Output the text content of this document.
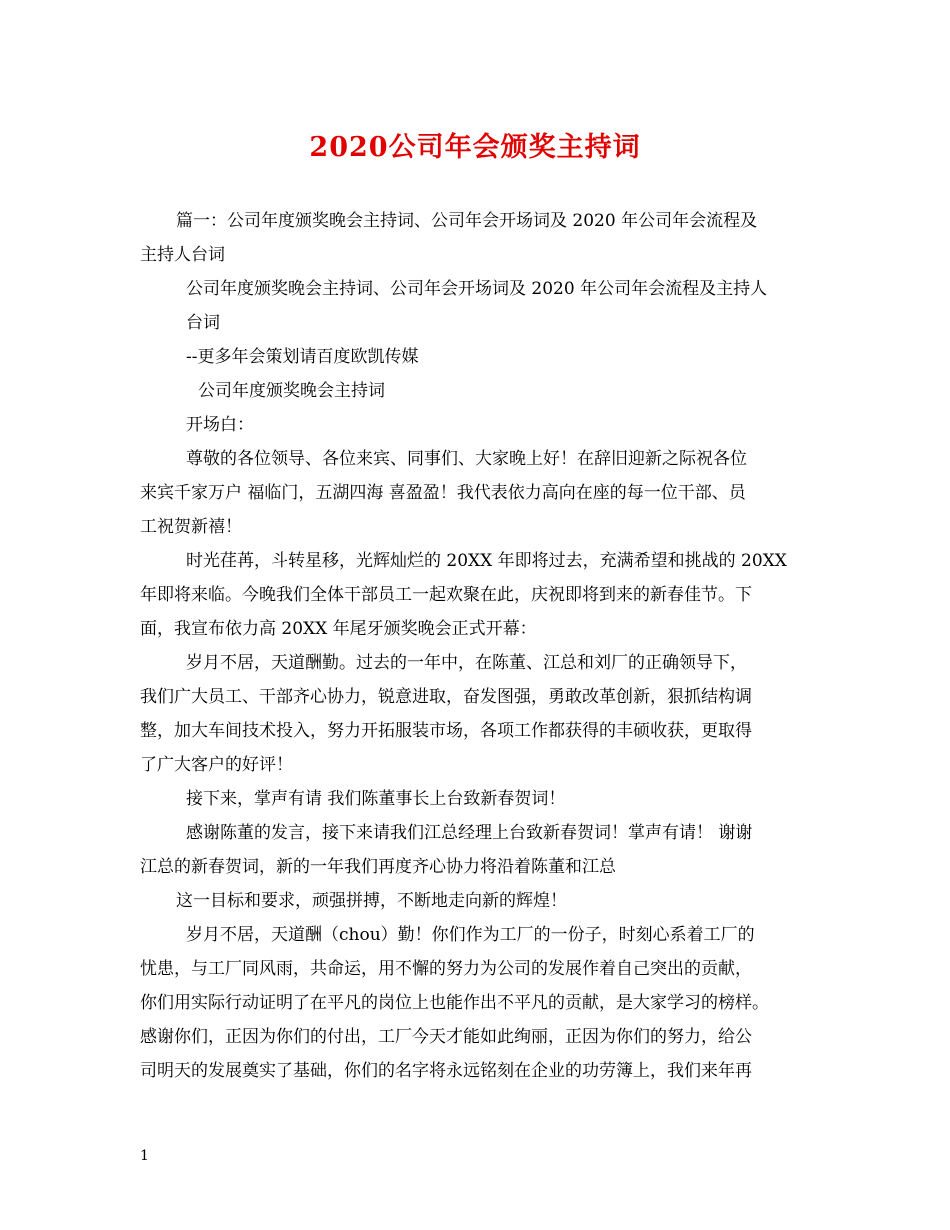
2020公司年会颁奖主持词
篇一：公司年度颁奖晚会主持词、公司年会开场词及 2020 年公司年会流程及
主持人台词
公司年度颁奖晚会主持词、公司年会开场词及 2020 年公司年会流程及主持人
台词
--更多年会策划请百度欧凯传媒
公司年度颁奖晚会主持词
开场白：
尊敬的各位领导、各位来宾、同事们、大家晚上好！在辞旧迎新之际祝各位
来宾千家万户 福临门，五湖四海 喜盈盈！我代表依力高向在座的每一位干部、员
工祝贺新禧！
时光荏苒，斗转星移，光辉灿烂的 20XX 年即将过去，充满希望和挑战的 20XX
年即将来临。今晚我们全体干部员工一起欢聚在此，庆祝即将到来的新春佳节。下
面，我宣布依力高 20XX 年尾牙颁奖晚会正式开幕：
岁月不居，天道酬勤。过去的一年中，在陈董、江总和刘厂的正确领导下，
我们广大员工、干部齐心协力，锐意进取，奋发图强，勇敢改革创新，狠抓结构调
整，加大车间技术投入，努力开拓服装市场，各项工作都获得的丰硕收获，更取得
了广大客户的好评！
接下来，掌声有请 我们陈董事长上台致新春贺词！
感谢陈董的发言，接下来请我们江总经理上台致新春贺词！掌声有请！ 谢谢
江总的新春贺词，新的一年我们再度齐心协力将沿着陈董和江总
这一目标和要求，顽强拼搏，不断地走向新的辉煌！
岁月不居，天道酬（chou）勤！你们作为工厂的一份子，时刻心系着工厂的
忧患，与工厂同风雨，共命运，用不懈的努力为公司的发展作着自己突出的贡献，
你们用实际行动证明了在平凡的岗位上也能作出不平凡的贡献，是大家学习的榜样。
感谢你们，正因为你们的付出，工厂今天才能如此绚丽，正因为你们的努力，给公
司明天的发展奠实了基础，你们的名字将永远铭刻在企业的功劳簿上，我们来年再
1
